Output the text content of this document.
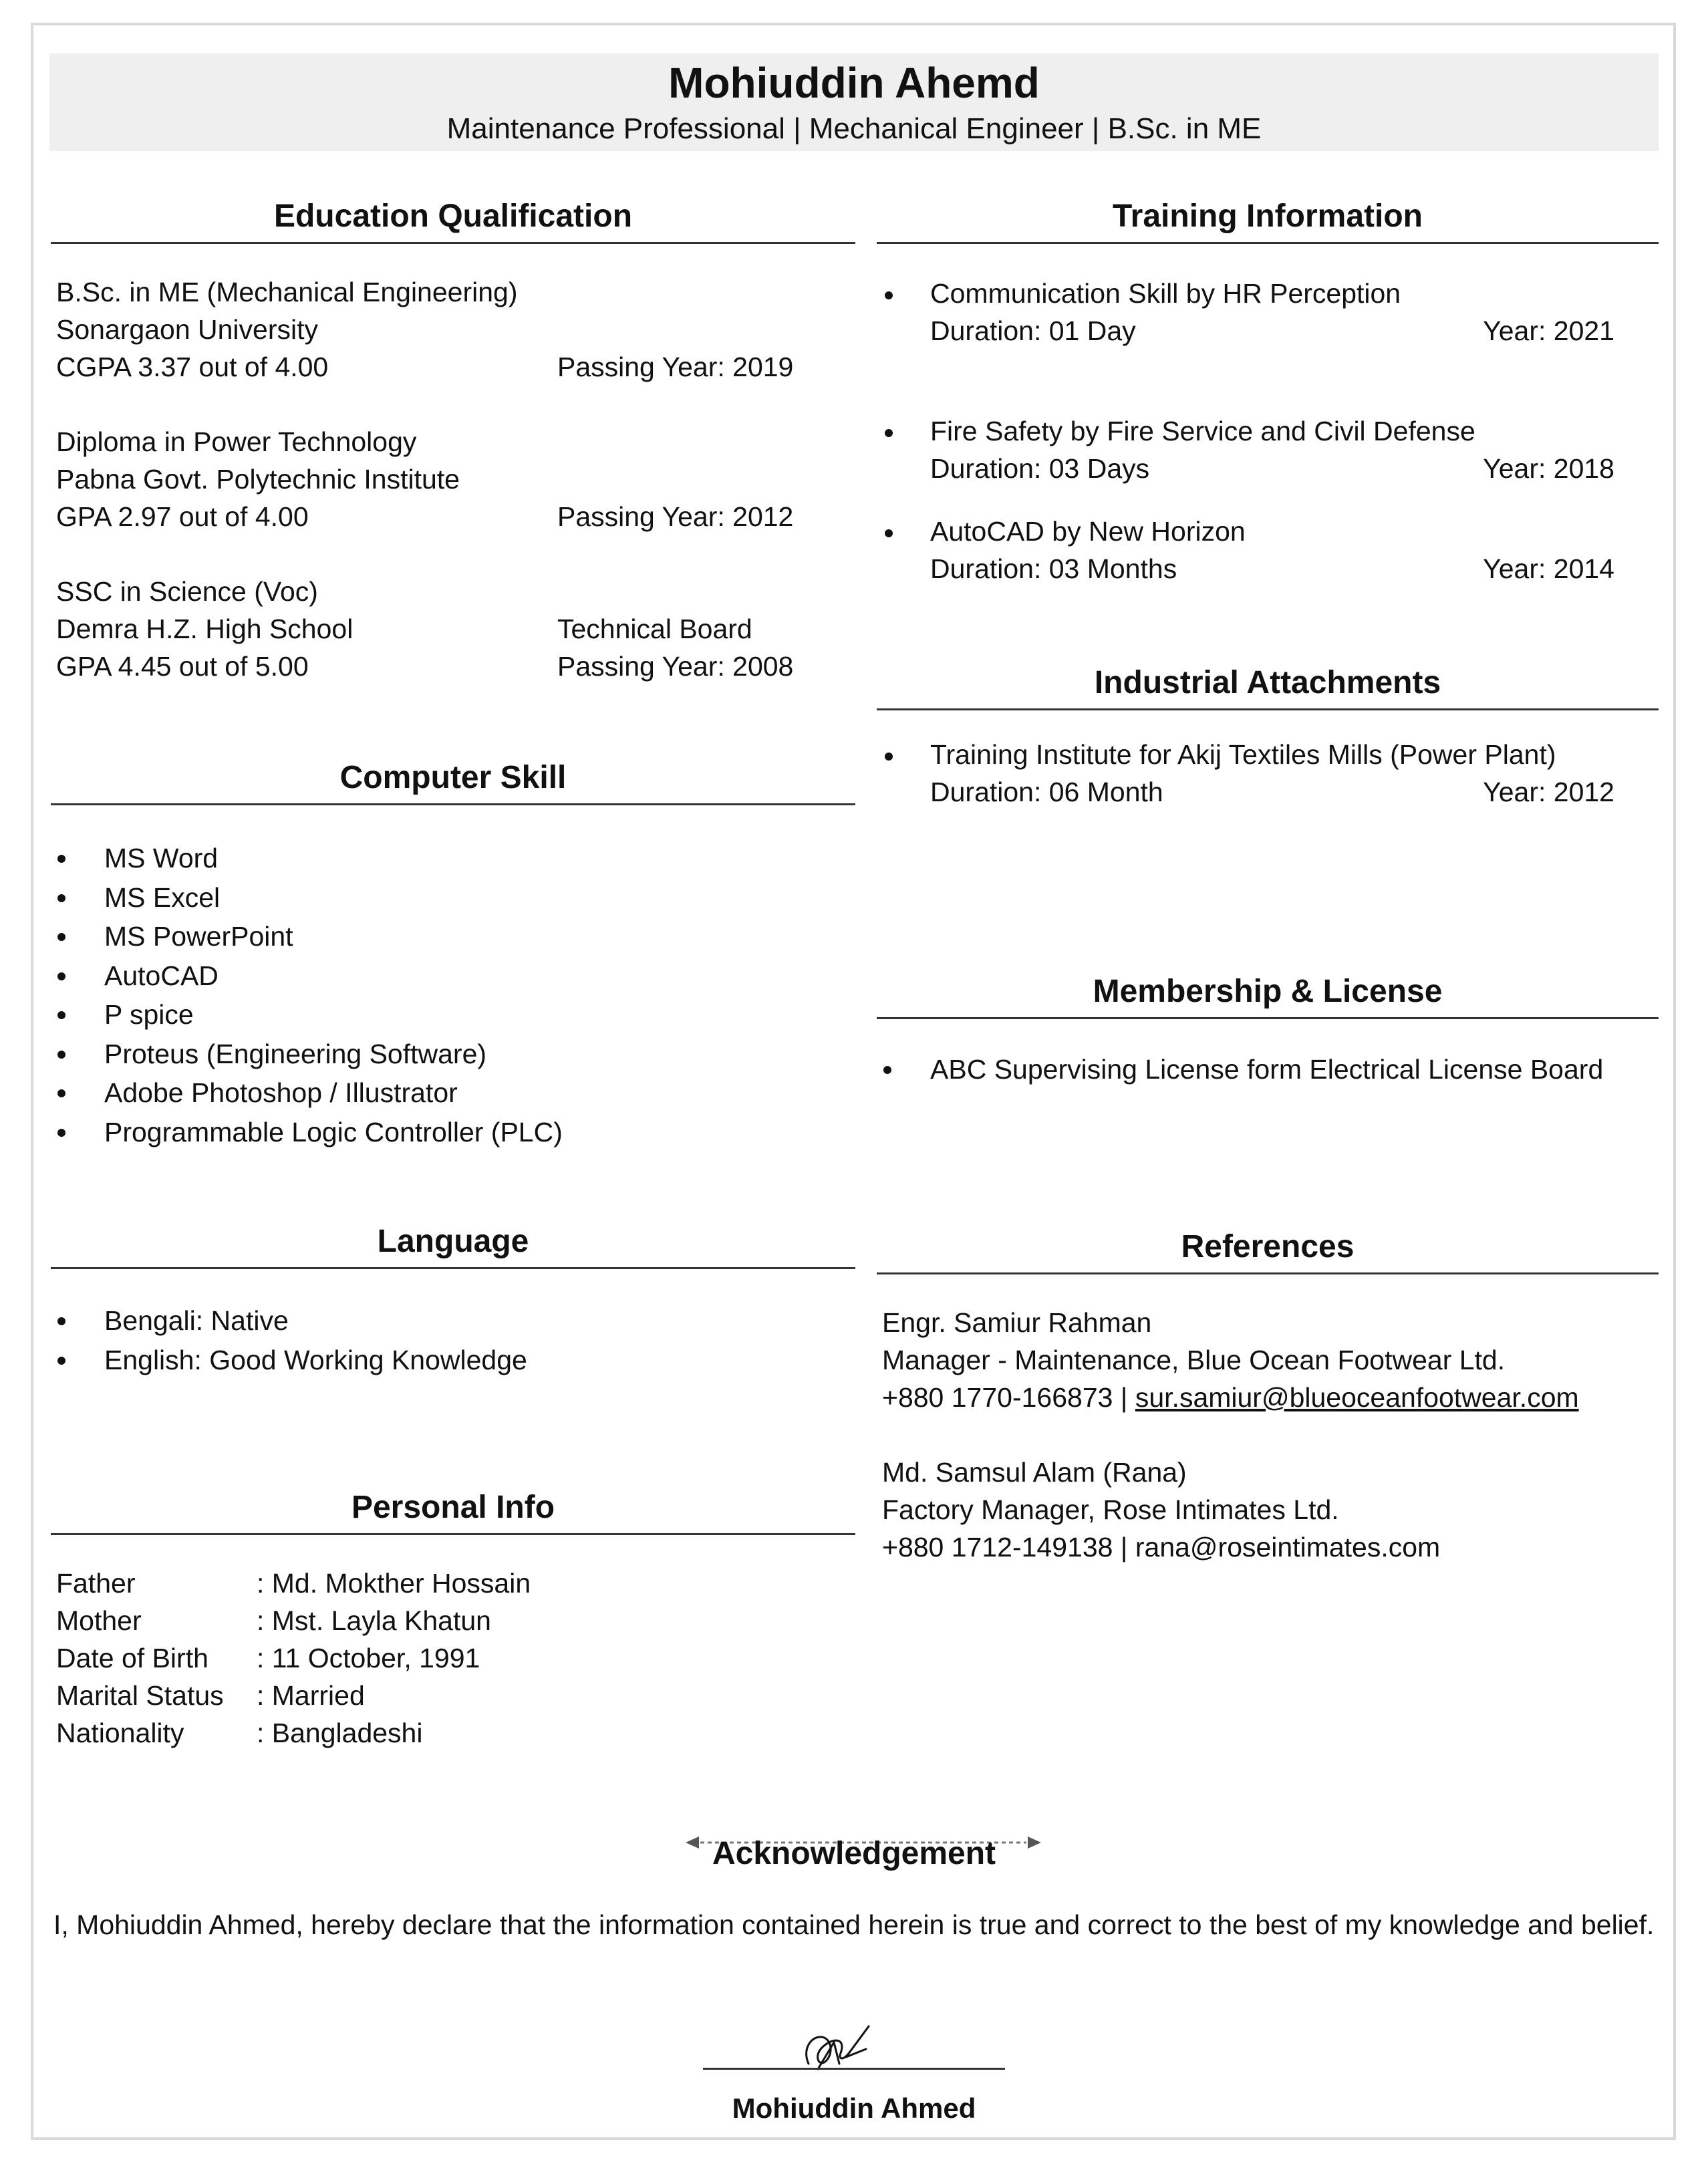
Mohiuddin Ahemd
Maintenance Professional | Mechanical Engineer | B.Sc. in ME
Education Qualification
B.Sc. in ME (Mechanical Engineering)
Sonargaon University
CGPA 3.37 out of 4.00	Passing Year: 2019
Diploma in Power Technology
Pabna Govt. Polytechnic Institute
GPA 2.97 out of 4.00	Passing Year: 2012
SSC in Science (Voc)
Demra H.Z. High School	Technical Board
GPA 4.45 out of 5.00	Passing Year: 2008
Computer Skill
MS Word
MS Excel
MS PowerPoint
AutoCAD
P spice
Proteus (Engineering Software)
Adobe Photoshop / Illustrator
Programmable Logic Controller (PLC)
Language
Bengali: Native
English: Good Working Knowledge
Personal Info
Father	: Md. Mokther Hossain
Mother	: Mst. Layla Khatun
Date of Birth	: 11 October, 1991
Marital Status	: Married
Nationality	: Bangladeshi
Training Information
Communication Skill by HR Perception
Duration: 01 Day	Year: 2021
Fire Safety by Fire Service and Civil Defense
Duration: 03 Days	Year: 2018
AutoCAD by New Horizon
Duration: 03 Months	Year: 2014
Industrial Attachments
Training Institute for Akij Textiles Mills (Power Plant)
Duration: 06 Month	Year: 2012
Membership & License
ABC Supervising License form Electrical License Board
References
Engr. Samiur Rahman
Manager - Maintenance, Blue Ocean Footwear Ltd.
+880 1770-166873 | sur.samiur@blueoceanfootwear.com
Md. Samsul Alam (Rana)
Factory Manager, Rose Intimates Ltd.
+880 1712-149138 | rana@roseintimates.com
Acknowledgement
I, Mohiuddin Ahmed, hereby declare that the information contained herein is true and correct to the best of my knowledge and belief.
Mohiuddin Ahmed
